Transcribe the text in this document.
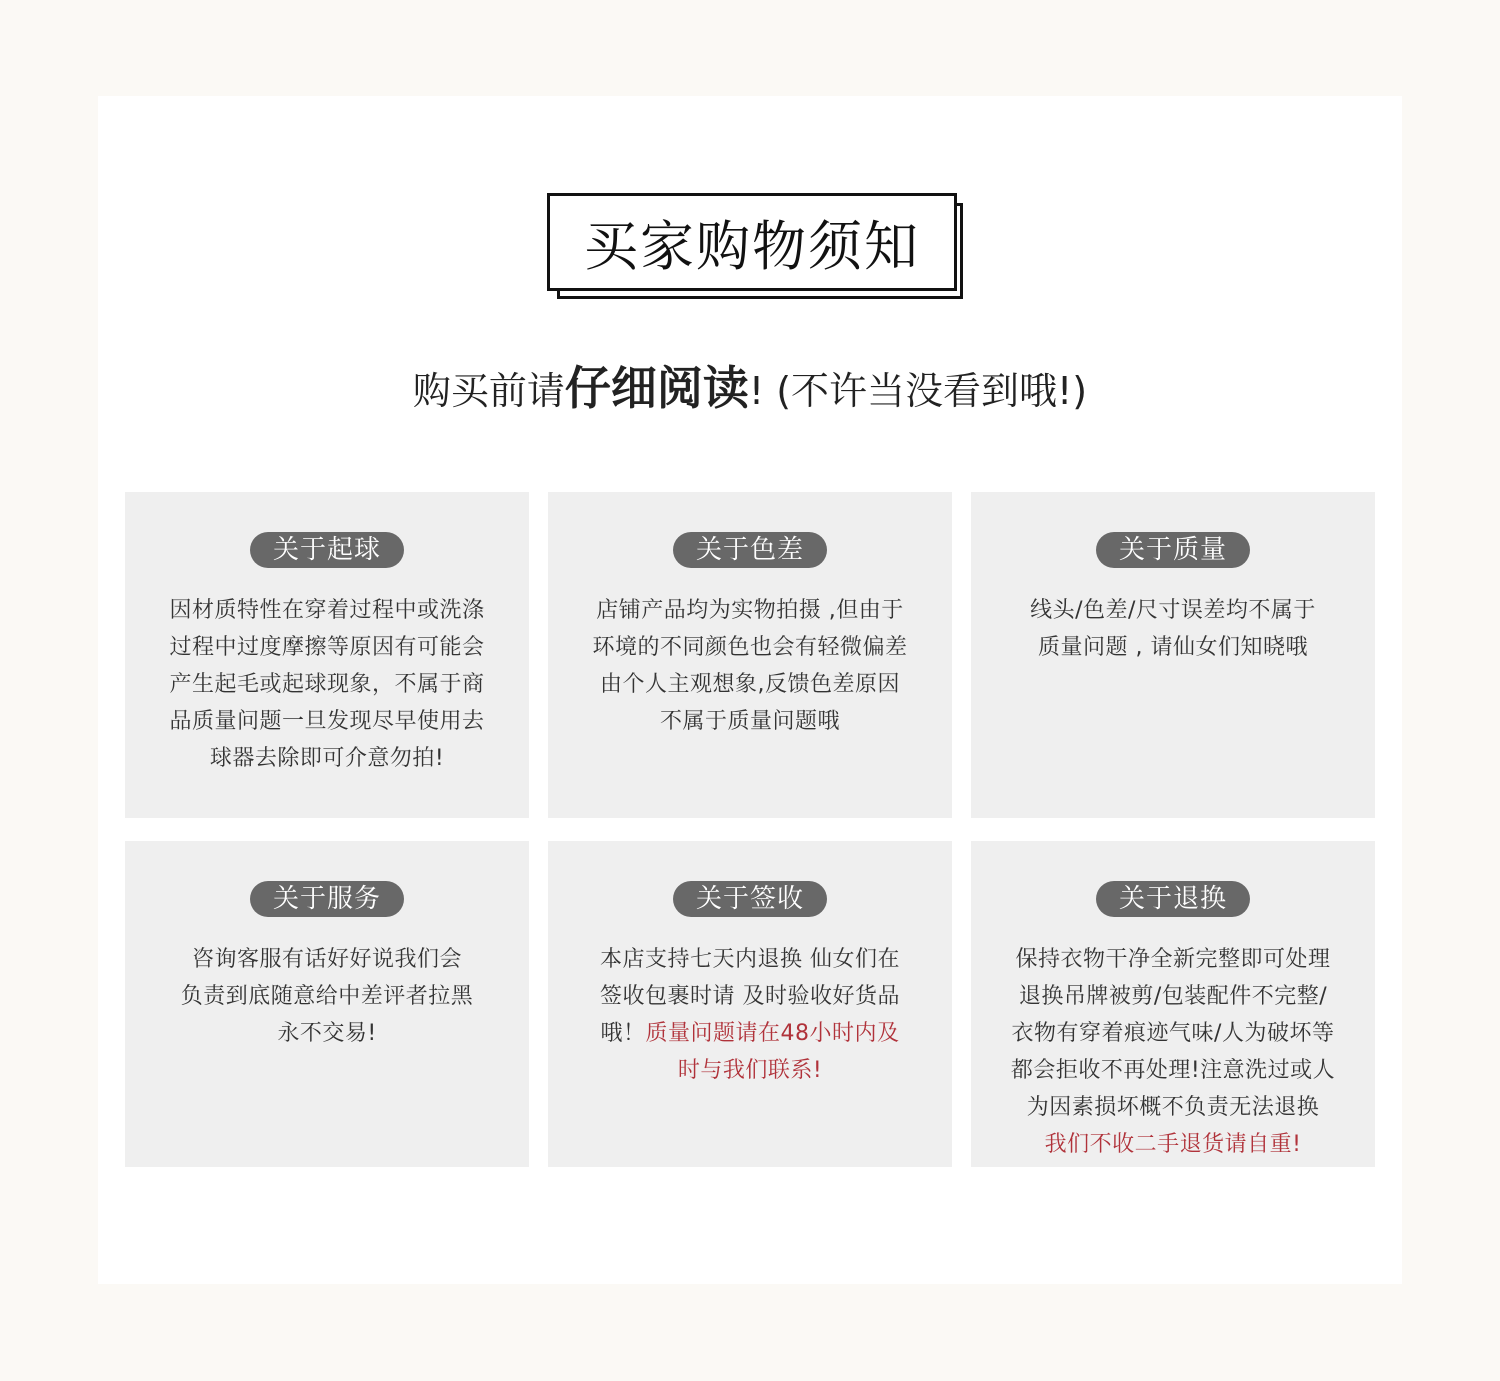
买家购物须知
购买前请仔细阅读! (不许当没看到哦!)
关于起球
因材质特性在穿着过程中或洗涤
过程中过度摩擦等原因有可能会
产生起毛或起球现象，不属于商
品质量问题一旦发现尽早使用去
球器去除即可介意勿拍!
关于色差
店铺产品均为实物拍摄 ,但由于
环境的不同颜色也会有轻微偏差
由个人主观想象,反馈色差原因
不属于质量问题哦
关于质量
线头/色差/尺寸误差均不属于
质量问题 , 请仙女们知晓哦
关于服务
咨询客服有话好好说我们会
负责到底随意给中差评者拉黑
永不交易!
关于签收
本店支持七天内退换 仙女们在
签收包裹时请 及时验收好货品
哦！质量问题请在48小时内及
时与我们联系!
关于退换
保持衣物干净全新完整即可处理
退换吊牌被剪/包装配件不完整/
衣物有穿着痕迹气味/人为破坏等
都会拒收不再处理!注意洗过或人
为因素损坏概不负责无法退换
我们不收二手退货请自重!
